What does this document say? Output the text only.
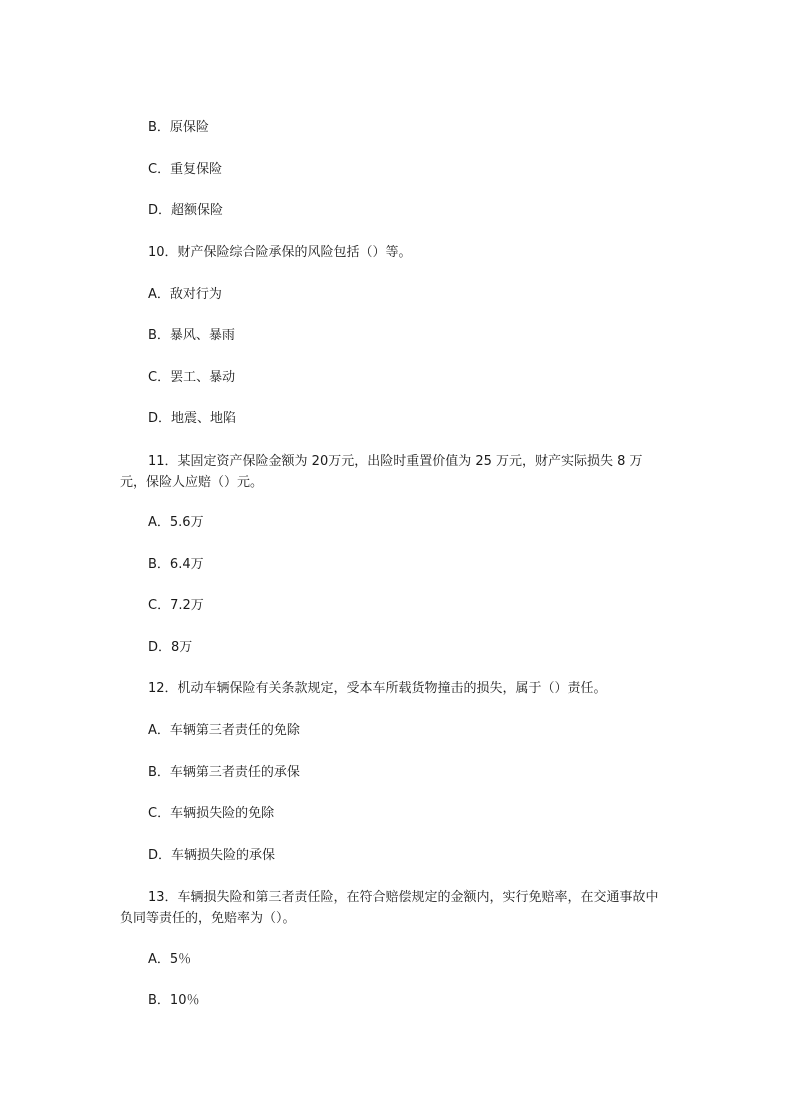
B．原保险
C．重复保险
D．超额保险
10．财产保险综合险承保的风险包括（）等。
A．敌对行为
B．暴风、暴雨
C．罢工、暴动
D．地震、地陷
11．某固定资产保险金额为 20万元，出险时重置价值为 25 万元，财产实际损失 8 万元，保险人应赔（）元。
A．5.6万
B．6.4万
C．7.2万
D．8万
12．机动车辆保险有关条款规定，受本车所载货物撞击的损失，属于（）责任。
A．车辆第三者责任的免除
B．车辆第三者责任的承保
C．车辆损失险的免除
D．车辆损失险的承保
13．车辆损失险和第三者责任险，在符合赔偿规定的金额内，实行免赔率，在交通事故中负同等责任的，免赔率为（）。
A．5％
B．10％
